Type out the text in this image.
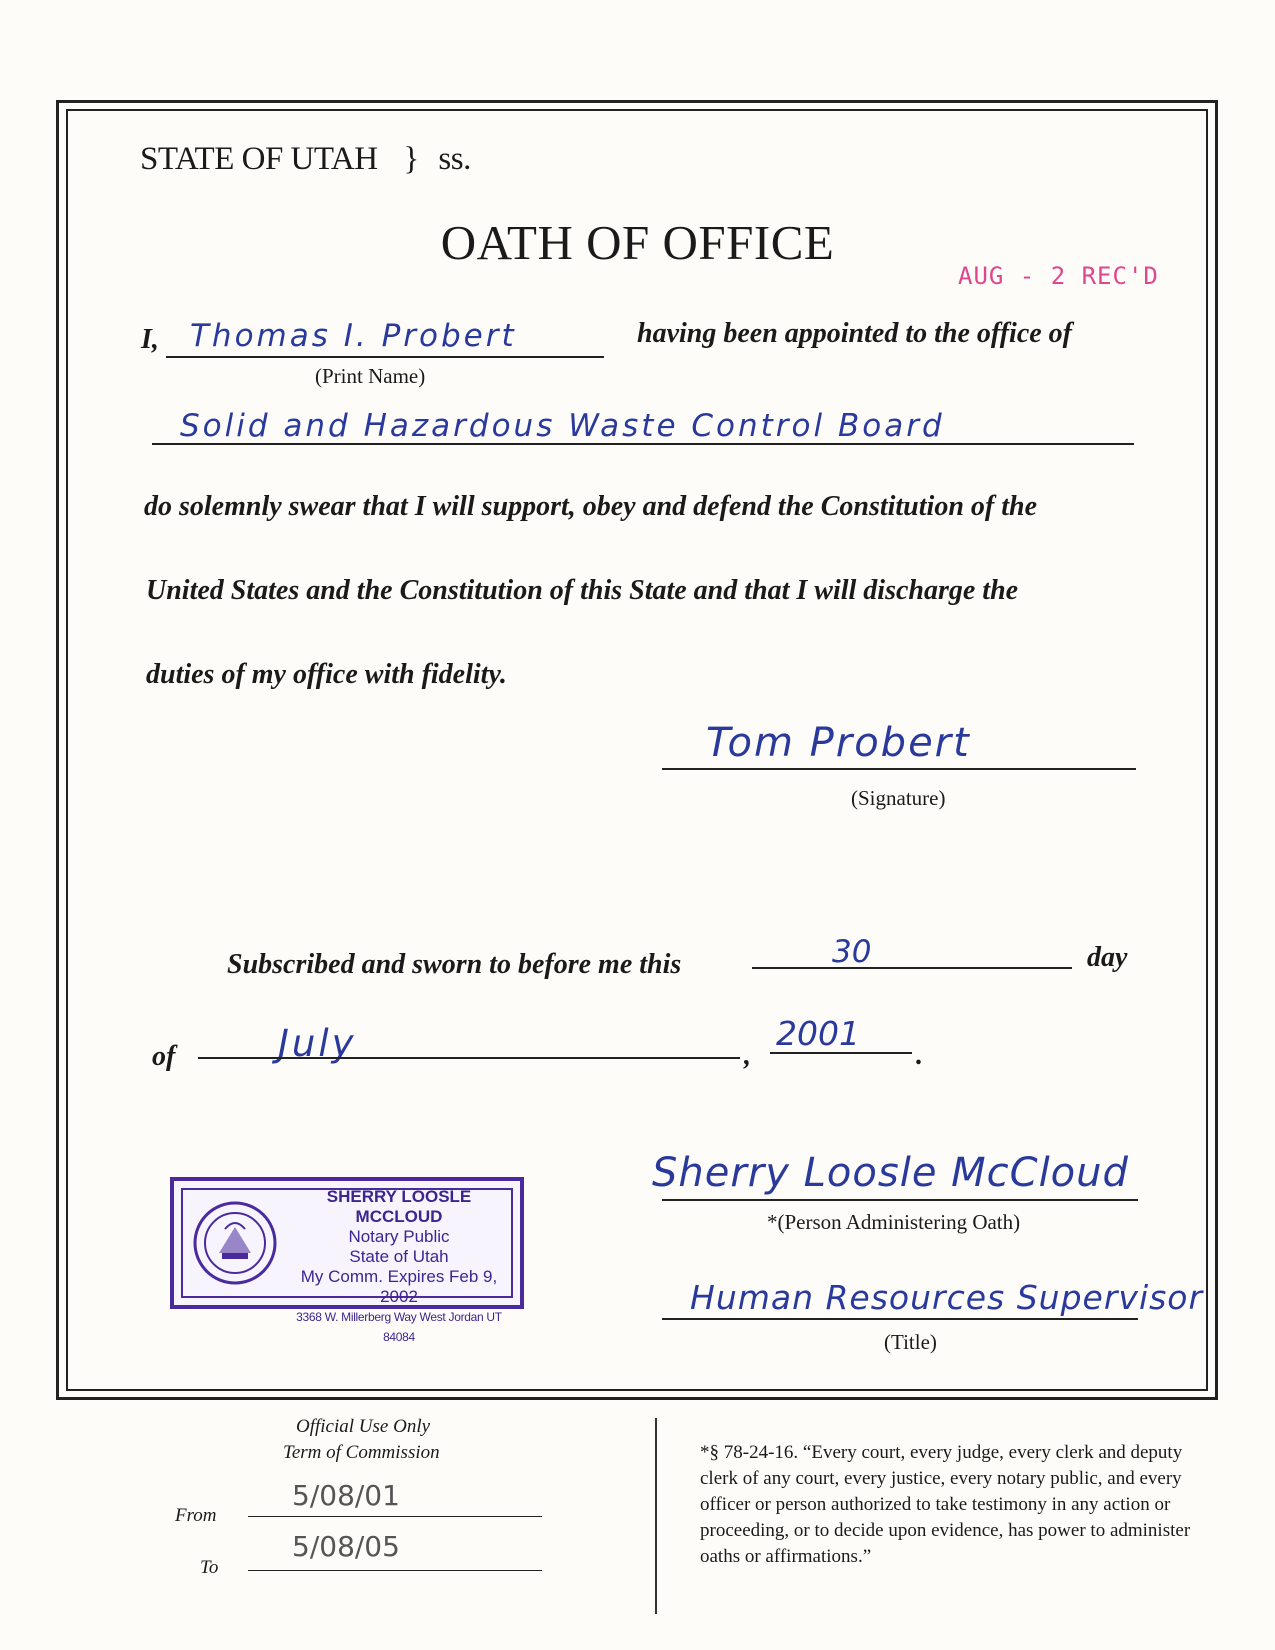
STATE OF UTAH } ss.
OATH OF OFFICE
AUG - 2 REC'D
I, Thomas I. Probert
(Print Name)
having been appointed to the office of
Solid and Hazardous Waste Control Board
do solemnly swear that I will support, obey and defend the Constitution of the
United States and the Constitution of this State and that I will discharge the
duties of my office with fidelity.
Tom Probert
(Signature)
Subscribed and sworn to before me this	30	day
of	July	,
2001
.
SHERRY LOOSLE MCCLOUD
Notary Public
State of Utah
My Comm. Expires Feb 9, 2002
3368 W. Millerberg Way West Jordan UT 84084
Sherry Loosle McCloud
*(Person Administering Oath)
Human Resources Supervisor
(Title)
Official Use Only
Term of Commission
From
5/08/01
To
5/08/05
*§ 78-24-16. “Every court, every judge, every clerk and deputy clerk of any court, every justice, every notary public, and every officer or person authorized to take testimony in any action or proceeding, or to decide upon evidence, has power to administer oaths or affirmations.”
